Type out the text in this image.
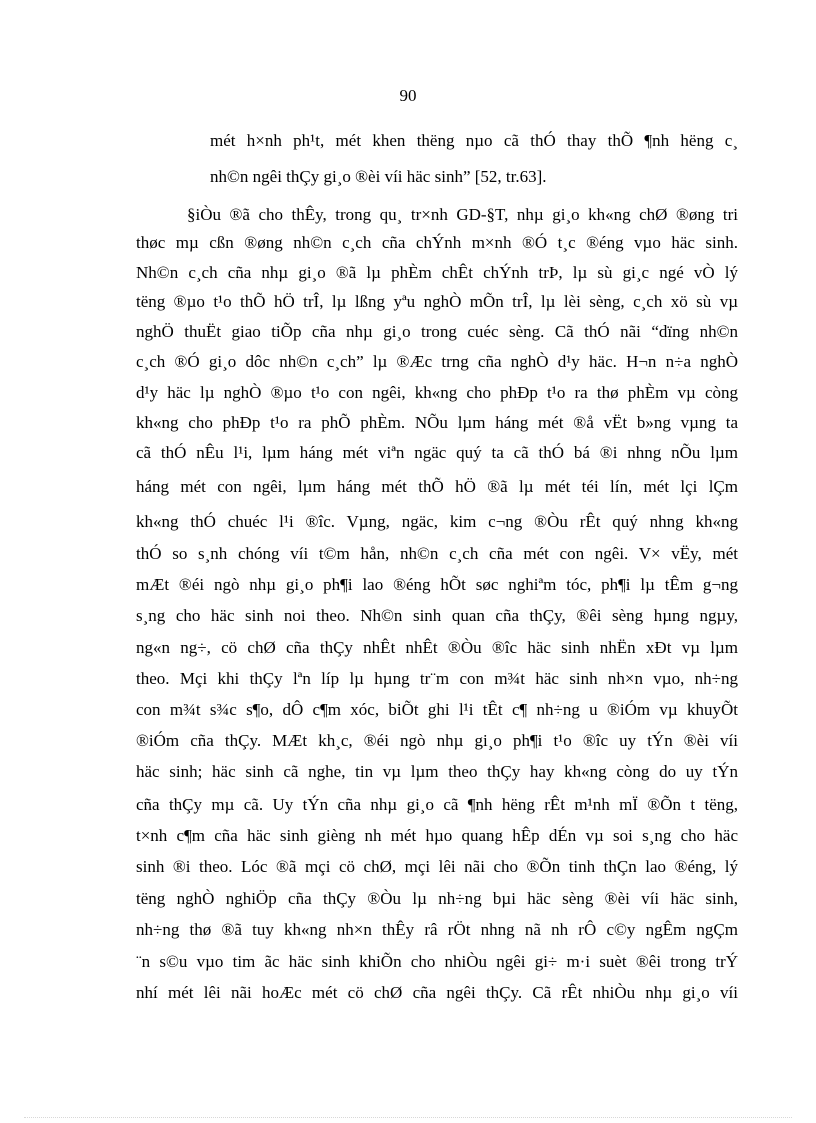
90
mét h×nh ph¹t, mét khen thëng nµo cã thÓ thay thÕ ¶nh hëng c¸
nh©n ngêi thÇy gi¸o ®èi víi häc sinh” [52, tr.63].
§iÒu ®ã cho thÊy, trong qu¸ tr×nh GD-§T, nhµ gi¸o kh«ng chØ ®øng tri
thøc mµ cßn ®øng nh©n c¸ch cña chÝnh m×nh ®Ó t¸c ®éng vµo häc sinh.
Nh©n c¸ch cña nhµ gi¸o ®ã lµ phÈm chÊt chÝnh trÞ, lµ sù gi¸c ngé vÒ lý
tëng ®µo t¹o thÕ hÖ trÎ, lµ lßng yªu nghÒ mÕn trÎ, lµ lèi sèng, c¸ch xö sù vµ
nghÖ thuËt giao tiÕp cña nhµ gi¸o trong cuéc sèng. Cã thÓ nãi “dïng nh©n
c¸ch ®Ó gi¸o dôc nh©n c¸ch” lµ ®Æc trng cña nghÒ d¹y häc. H¬n n÷a nghÒ
d¹y häc lµ nghÒ ®µo t¹o con ngêi, kh«ng cho phÐp t¹o ra thø phÈm vµ còng
kh«ng cho phÐp t¹o ra phÕ phÈm. NÕu lµm háng mét ®å vËt b»ng vµng ta
cã thÓ nÊu l¹i, lµm háng mét viªn ngäc quý ta cã thÓ bá ®i nhng nÕu lµm
háng mét con ngêi, lµm háng mét thÕ hÖ ®ã lµ mét téi lín, mét lçi lÇm
kh«ng thÓ chuéc l¹i ®îc. Vµng, ngäc, kim c¬ng ®Òu rÊt quý nhng kh«ng
thÓ so s¸nh chóng víi t©m hån, nh©n c¸ch cña mét con ngêi. V× vËy, mét
mÆt ®éi ngò nhµ gi¸o ph¶i lao ®éng hÕt søc nghiªm tóc, ph¶i lµ tÊm g¬ng
s¸ng cho häc sinh noi theo. Nh©n sinh quan cña thÇy, ®êi sèng hµng ngµy,
ng«n ng÷, cö chØ cña thÇy nhÊt nhÊt ®Òu ®îc häc sinh nhËn xÐt vµ lµm
theo. Mçi khi thÇy lªn líp lµ hµng tr¨m con m¾t häc sinh nh×n vµo, nh÷ng
con m¾t s¾c s¶o, dÔ c¶m xóc, biÕt ghi l¹i tÊt c¶ nh÷ng u ®iÓm vµ khuyÕt
®iÓm cña thÇy. MÆt kh¸c, ®éi ngò nhµ gi¸o ph¶i t¹o ®îc uy tÝn ®èi víi
häc sinh; häc sinh cã nghe, tin vµ lµm theo thÇy hay kh«ng còng do uy tÝn
cña thÇy mµ cã. Uy tÝn cña nhµ gi¸o cã ¶nh hëng rÊt m¹nh mÏ ®Õn t tëng,
t×nh c¶m cña häc sinh gièng nh mét hµo quang hÊp dÉn vµ soi s¸ng cho häc
sinh ®i theo. Lóc ®ã mçi cö chØ, mçi lêi nãi cho ®Õn tinh thÇn lao ®éng, lý
tëng nghÒ nghiÖp cña thÇy ®Òu lµ nh÷ng bµi häc sèng ®èi víi häc sinh,
nh÷ng thø ®ã tuy kh«ng nh×n thÊy râ rÖt nhng nã nh rÔ c©y ngÊm ngÇm
¨n s©u vµo tim ãc häc sinh khiÕn cho nhiÒu ngêi gi÷ m·i suèt ®êi trong trÝ
nhí mét lêi nãi hoÆc mét cö chØ cña ngêi thÇy. Cã rÊt nhiÒu nhµ gi¸o víi
